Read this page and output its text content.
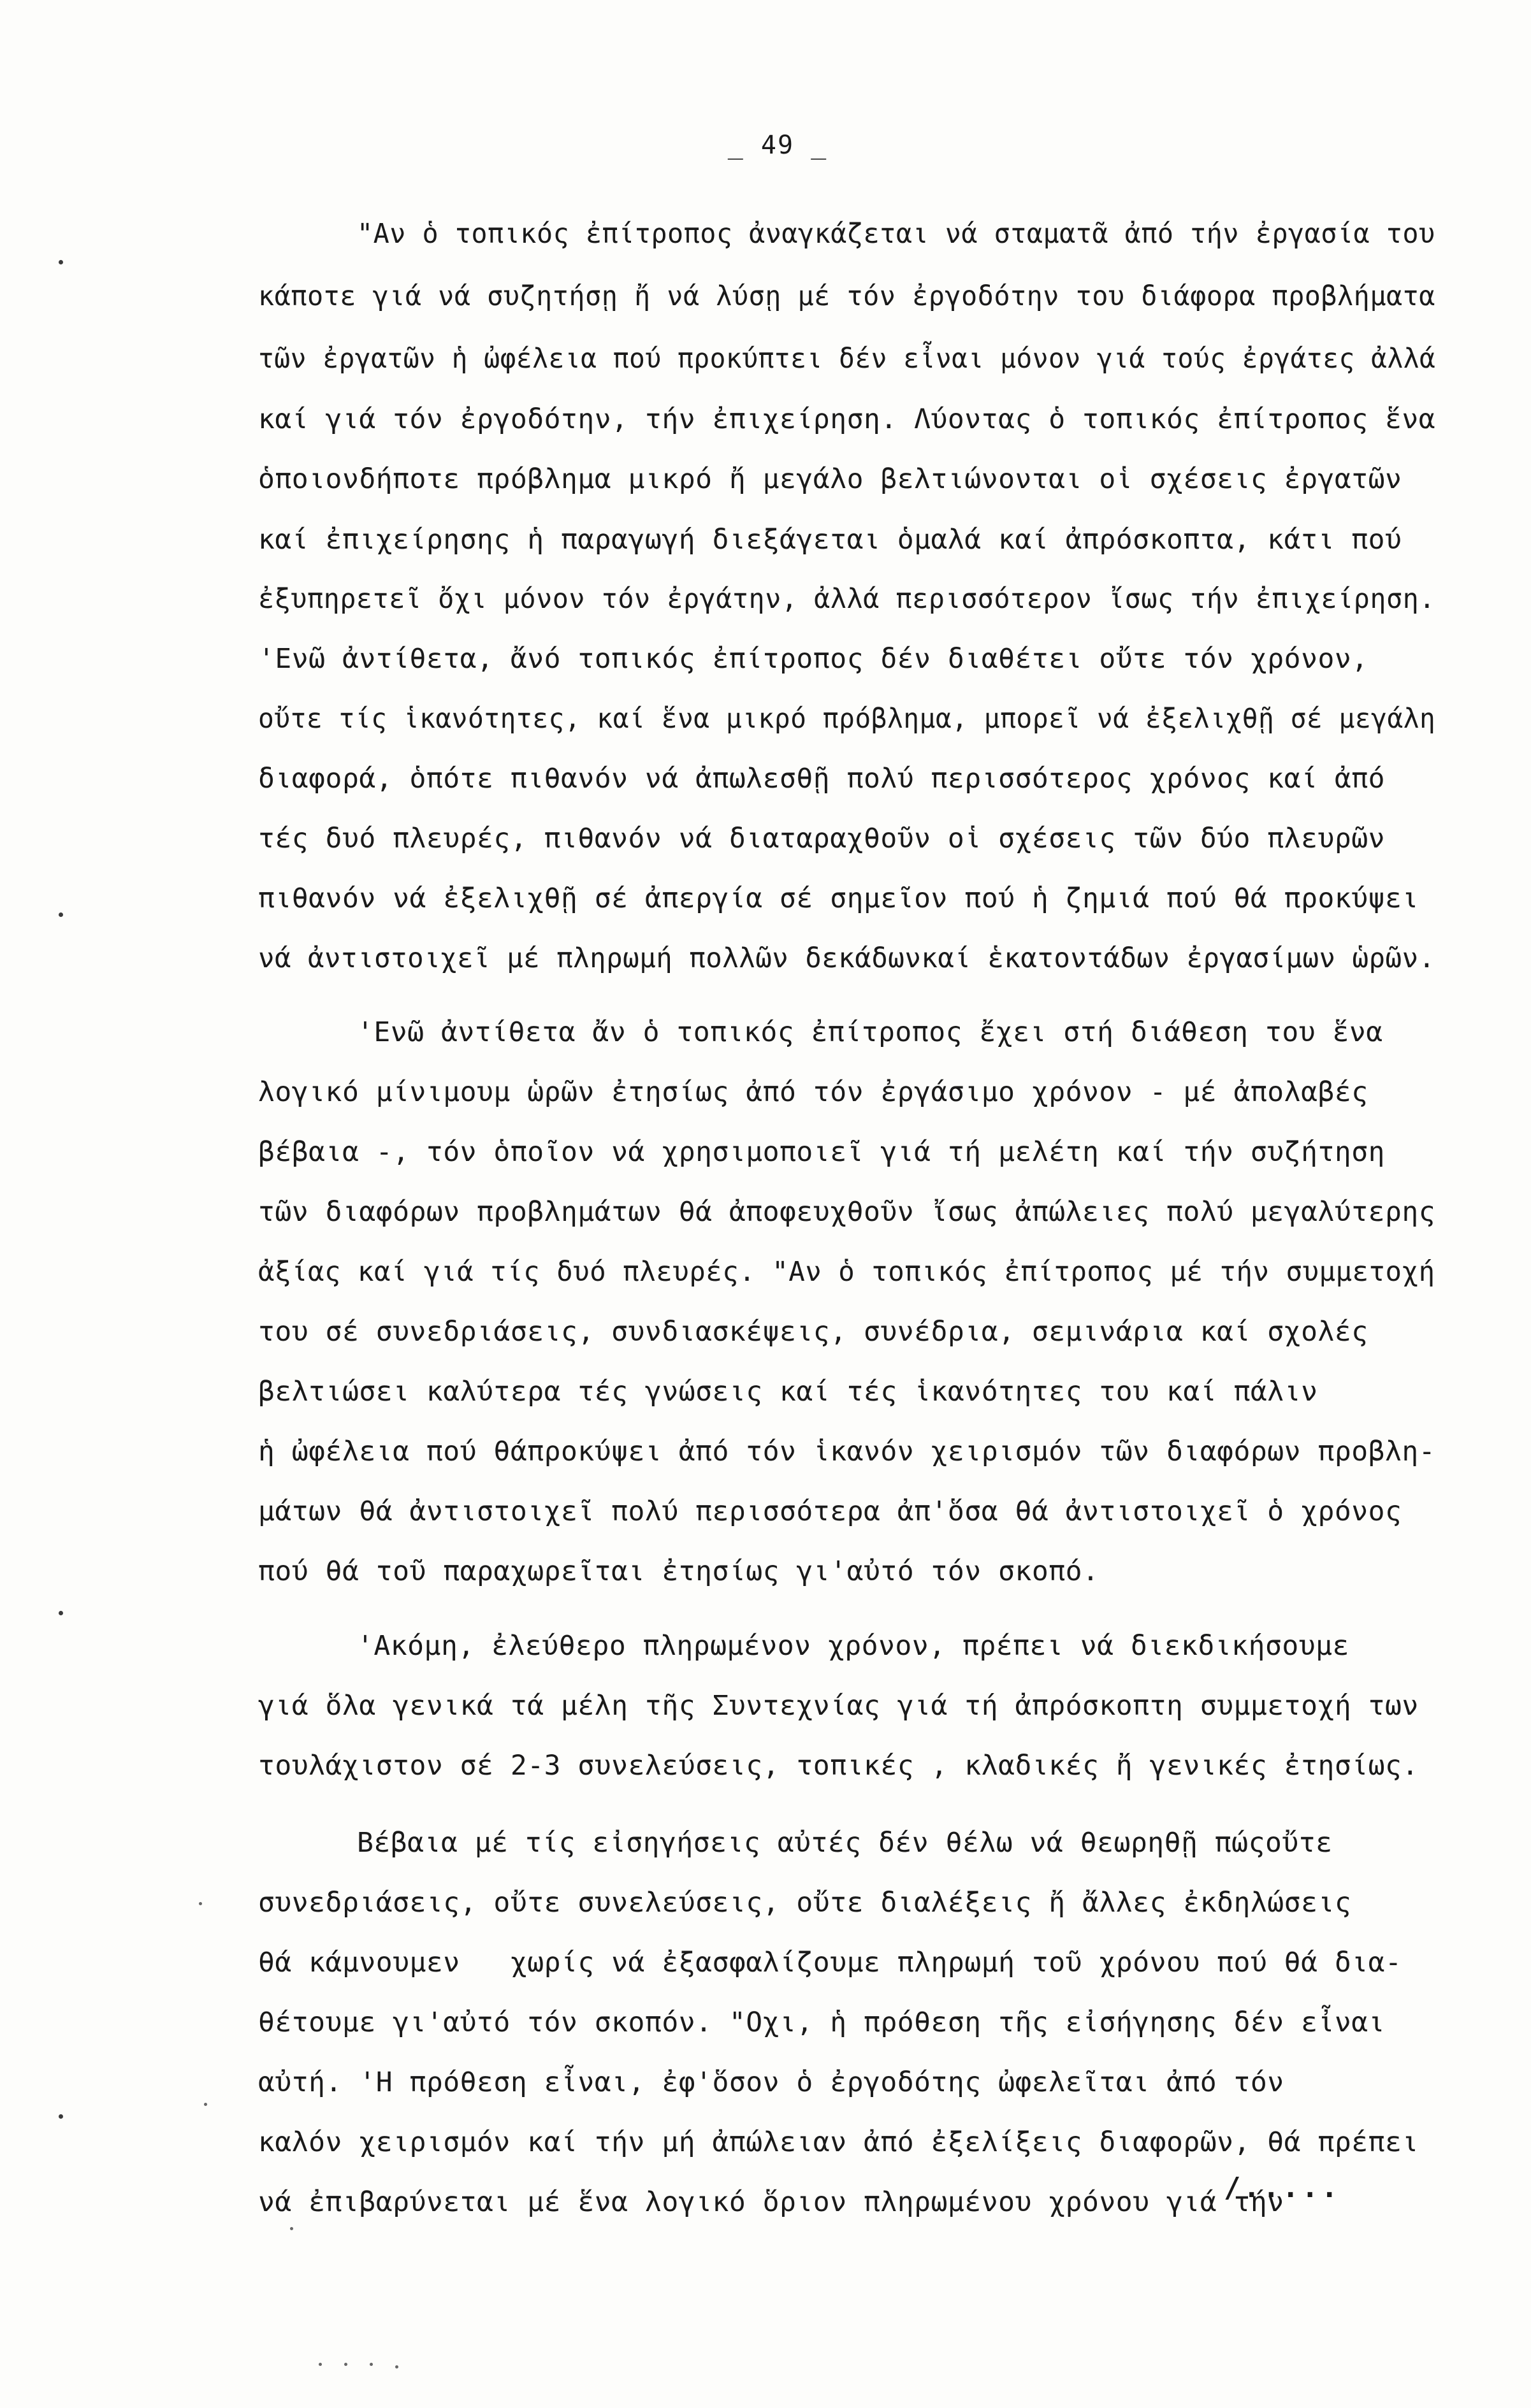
_ 49 _
"Αν ὁ τοπικός ἐπίτροπος ἀναγκάζεται νά σταματᾶ ἀπό τήν ἐργασία του
κάποτε γιά νά συζητήσῃ ἤ νά λύσῃ μέ τόν ἐργοδότην του διάφορα προβλήματα
τῶν ἐργατῶν ἡ ὠφέλεια πού προκύπτει δέν εἶναι μόνον γιά τούς ἐργάτες ἀλλά
καί γιά τόν ἐργοδότην, τήν ἐπιχείρηση. Λύοντας ὁ τοπικός ἐπίτροπος ἕνα
ὁποιονδήποτε πρόβλημα μικρό ἤ μεγάλο βελτιώνονται οἱ σχέσεις ἐργατῶν
καί ἐπιχείρησης ἡ παραγωγή διεξάγεται ὁμαλά καί ἀπρόσκοπτα, κάτι πού
ἐξυπηρετεῖ ὄχι μόνον τόν ἐργάτην, ἀλλά περισσότερον ἴσως τήν ἐπιχείρηση.
'Ενῶ ἀντίθετα, ἄνό τοπικός ἐπίτροπος δέν διαθέτει οὔτε τόν χρόνον,
οὔτε τίς ἱκανότητες, καί ἕνα μικρό πρόβλημα, μπορεῖ νά ἐξελιχθῇ σέ μεγάλη
διαφορά, ὁπότε πιθανόν νά ἀπωλεσθῇ πολύ περισσότερος χρόνος καί ἀπό
τές δυό πλευρές, πιθανόν νά διαταραχθοῦν οἱ σχέσεις τῶν δύο πλευρῶν
πιθανόν νά ἐξελιχθῇ σέ ἀπεργία σέ σημεῖον πού ἡ ζημιά πού θά προκύψει
νά ἀντιστοιχεῖ μέ πληρωμή πολλῶν δεκάδωνκαί ἑκατοντάδων ἐργασίμων ὡρῶν.
'Ενῶ ἀντίθετα ἄν ὁ τοπικός ἐπίτροπος ἔχει στή διάθεση του ἕνα
λογικό μίνιμουμ ὡρῶν ἐτησίως ἀπό τόν ἐργάσιμο χρόνον - μέ ἀπολαβές
βέβαια -, τόν ὁποῖον νά χρησιμοποιεῖ γιά τή μελέτη καί τήν συζήτηση
τῶν διαφόρων προβλημάτων θά ἀποφευχθοῦν ἴσως ἀπώλειες πολύ μεγαλύτερης
ἀξίας καί γιά τίς δυό πλευρές. "Αν ὁ τοπικός ἐπίτροπος μέ τήν συμμετοχή
του σέ συνεδριάσεις, συνδιασκέψεις, συνέδρια, σεμινάρια καί σχολές
βελτιώσει καλύτερα τές γνώσεις καί τές ἱκανότητες του καί πάλιν
ἡ ὠφέλεια πού θάπροκύψει ἀπό τόν ἱκανόν χειρισμόν τῶν διαφόρων προβλη-
μάτων θά ἀντιστοιχεῖ πολύ περισσότερα ἀπ'ὅσα θά ἀντιστοιχεῖ ὁ χρόνος
πού θά τοῦ παραχωρεῖται ἐτησίως γι'αὐτό τόν σκοπό.
'Ακόμη, ἐλεύθερο πληρωμένον χρόνον, πρέπει νά διεκδικήσουμε
γιά ὅλα γενικά τά μέλη τῆς Συντεχνίας γιά τή ἀπρόσκοπτη συμμετοχή των
τουλάχιστον σέ 2-3 συνελεύσεις, τοπικές , κλαδικές ἤ γενικές ἐτησίως.
Βέβαια μέ τίς εἰσηγήσεις αὐτές δέν θέλω νά θεωρηθῇ πώςοὔτε
συνεδριάσεις, οὔτε συνελεύσεις, οὔτε διαλέξεις ἤ ἄλλες ἐκδηλώσεις
θά κάμνουμεν   χωρίς νά ἐξασφαλίζουμε πληρωμή τοῦ χρόνου πού θά δια-
θέτουμε γι'αὐτό τόν σκοπόν. "Οχι, ἡ πρόθεση τῆς εἰσήγησης δέν εἶναι
αὐτή. 'Η πρόθεση εἶναι, ἐφ'ὅσον ὁ ἐργοδότης ὠφελεῖται ἀπό τόν
καλόν χειρισμόν καί τήν μή ἀπώλειαν ἀπό ἐξελίξεις διαφορῶν, θά πρέπει
νά ἐπιβαρύνεται μέ ἕνα λογικό ὅριον πληρωμένου χρόνου γιά τήν
/.....
